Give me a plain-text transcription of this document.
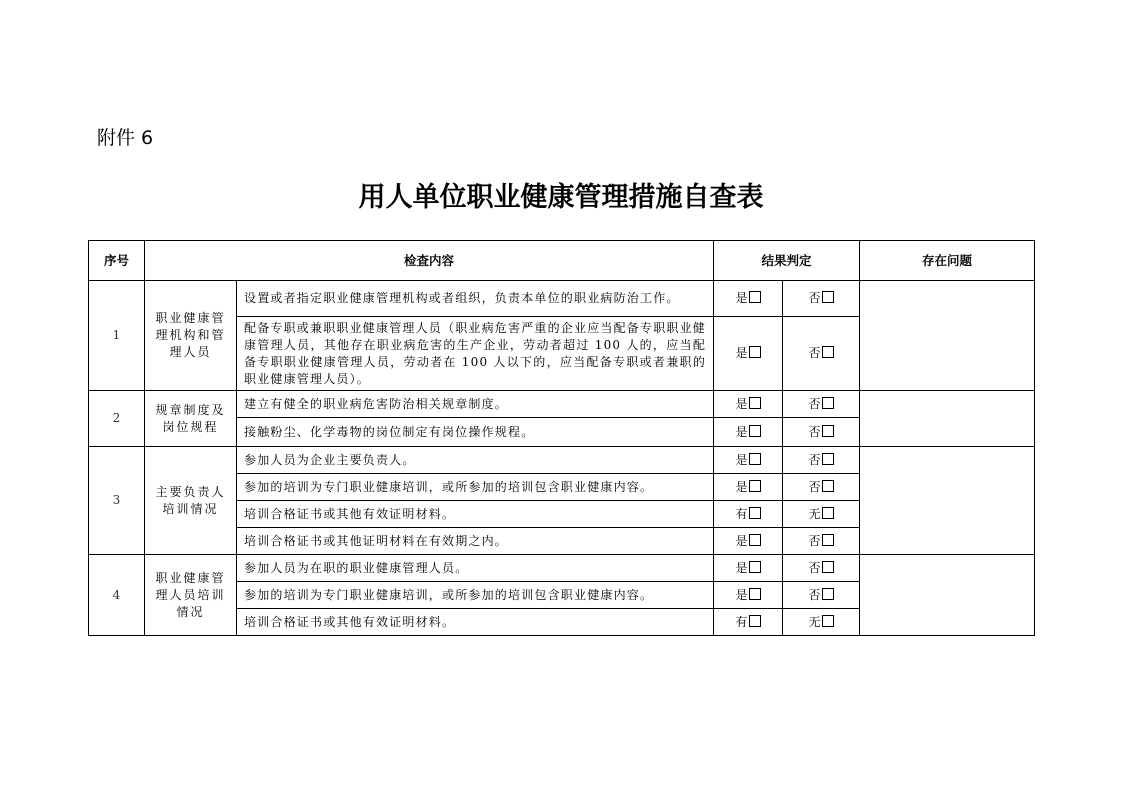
附件 6
用人单位职业健康管理措施自查表
序号	检查内容		结果判定		存在问题
1	职业健康管理机构和管理人员	设置或者指定职业健康管理机构或者组织，负责本单位的职业病防治工作。	是	否	
		配备专职或兼职职业健康管理人员（职业病危害严重的企业应当配备专职职业健康管理人员，其他存在职业病危害的生产企业，劳动者超过 100 人的，应当配备专职职业健康管理人员，劳动者在 100 人以下的，应当配备专职或者兼职的职业健康管理人员）。	是	否	
2	规章制度及岗位规程	建立有健全的职业病危害防治相关规章制度。	是	否	
		接触粉尘、化学毒物的岗位制定有岗位操作规程。	是	否	
3	主要负责人培训情况	参加人员为企业主要负责人。	是	否	
		参加的培训为专门职业健康培训，或所参加的培训包含职业健康内容。	是	否	
		培训合格证书或其他有效证明材料。	有	无	
		培训合格证书或其他证明材料在有效期之内。	是	否	
4	职业健康管理人员培训情况	参加人员为在职的职业健康管理人员。	是	否	
		参加的培训为专门职业健康培训，或所参加的培训包含职业健康内容。	是	否	
		培训合格证书或其他有效证明材料。	有	无	
